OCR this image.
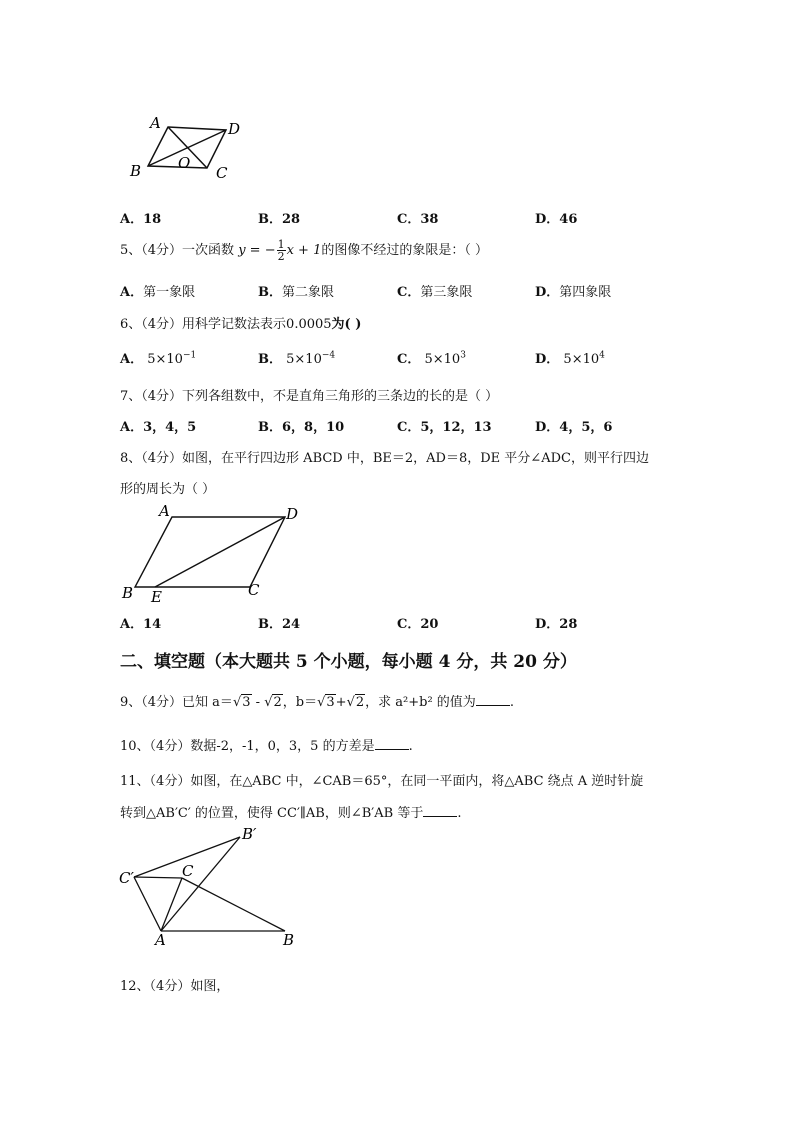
A	D
B	C
O
A．18	B．28	C．38	D．46
5、（4分）一次函数 y = − $\frac{1}{2}$ x + 1的图像不经过的象限是：（ ）
A．第一象限	B．第二象限	C．第三象限	D．第四象限
6、（4分）用科学记数法表示0.0005为( )
A． $5\times 10^{-1}$	B． $5\times 10^{-4}$	C． $5\times 10^3$	D． $5\times 10^4$
7、（4分）下列各组数中，不是直角三角形的三条边的长的是（ ）
A．3，4，5	B．6，8，10	C．5，12，13	D．4，5，6
8、（4分）如图，在平行四边形 ABCD 中，BE＝2，AD＝8，DE 平分∠ADC，则平行四边
形的周长为（ ）
A	D
B E	C
A．14	B．24	C．20	D．28
二、填空题（本大题共 5 个小题，每小题 4 分，共 20 分）
9、（4分）已知 a＝√3 - √2，b＝√3+√2，求 a²+b² 的值为	.
10、（4分）数据-2，-1，0，3，5 的方差是	.
11、（4分）如图，在△ABC 中，∠CAB＝65°，在同一平面内，将△ABC 绕点 A 逆时针旋
转到△AB′C′ 的位置，使得 CC′∥AB，则∠B′AB 等于	.
C′	C
B′
A	B
12、（4分）如图，
